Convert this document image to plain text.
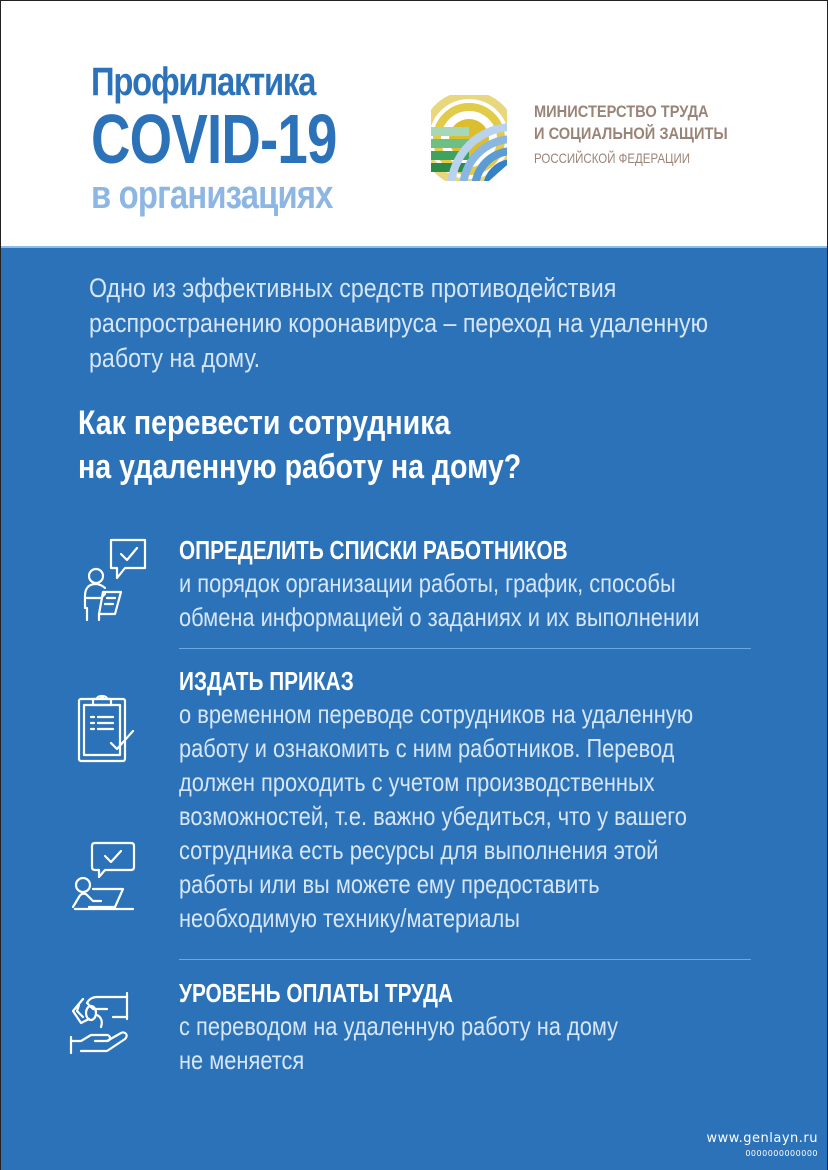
Профилактика
COVID-19
в организациях
МИНИСТЕРСТВО ТРУДА
И СОЦИАЛЬНОЙ ЗАЩИТЫ
РОССИЙСКОЙ ФЕДЕРАЦИИ
Одно из эффективных средств противодействия
распространению коронавируса – переход на удаленную
работу на дому.
Как перевести сотрудника
на удаленную работу на дому?
ОПРЕДЕЛИТЬ СПИСКИ РАБОТНИКОВ
и порядок организации работы, график, способы
обмена информацией о заданиях и их выполнении
ИЗДАТЬ ПРИКАЗ
о временном переводе сотрудников на удаленную
работу и ознакомить с ним работников. Перевод
должен проходить с учетом производственных
возможностей, т.е. важно убедиться, что у вашего
сотрудника есть ресурсы для выполнения этой
работы или вы можете ему предоставить
необходимую технику/материалы
УРОВЕНЬ ОПЛАТЫ ТРУДА
с переводом на удаленную работу на дому
не меняется
www.genlayn.ru
0000000000000
